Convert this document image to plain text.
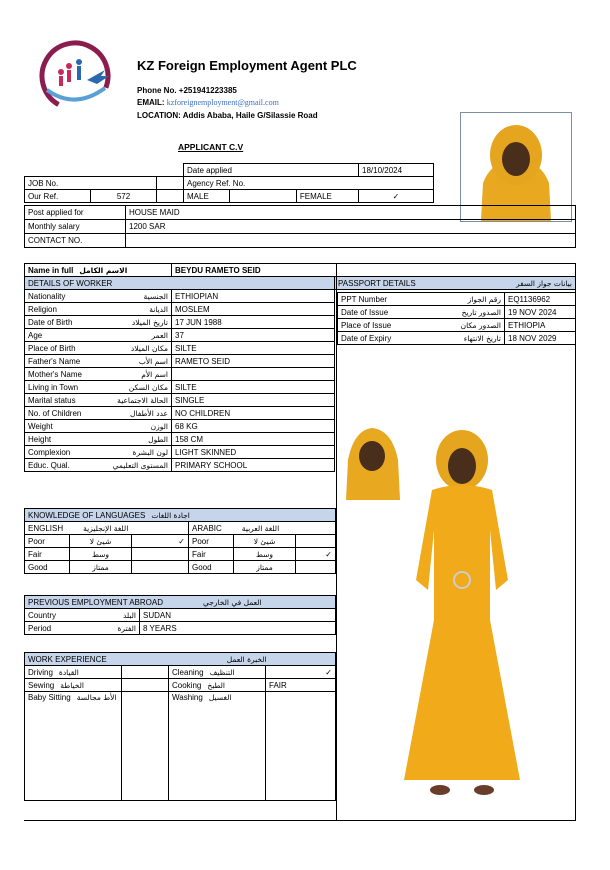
KZ Foreign Employment Agent PLC
Phone No. +251941223385
EMAIL: kzforeignemployment@gmail.com
LOCATION: Addis Ababa, Haile G/Silassie Road
APPLICANT C.V
			Date applied			18/10/2024
JOB No.			Agency Ref. No.			
Our Ref.	572		MALE		FEMALE	✓
Post applied for	HOUSE MAID
Monthly salary	1200 SAR
CONTACT NO.	
Name in full الاسم الكامل	BEYDU RAMETO SEID	
DETAILS OF WORKER		PASSPORT DETAILS بيانات جواز السفر

Nationality الجنسية	ETHIOPIAN	
Religion الديانة	MOSLEM	
Date of Birth تاريخ الميلاد	17 JUN 1988	
Age العمر	37	
Place of Birth مكان الميلاد	SILTE	
Father's Name اسم الأب	RAMETO SEID	
Mother's Name اسم الأم		

Living in Town مكان السكن	SILTE	
Marital status الحالة الاجتماعية	SINGLE	
No. of Children عدد الأطفال	NO CHILDREN	
Weight الوزن	68 KG	
Height الطول	158 CM	
Complexion لون البشرة	LIGHT SKINNED	
Educ. Qual. المستوى التعليمي	PRIMARY SCHOOL	
PPT Number رقم الجواز	EQ1136962
Date of Issue الصدور تاريخ	19 NOV 2024
Place of Issue الصدور مكان	ETHIOPIA
Date of Expiry تاريخ الانتهاء	18 NOV 2029
KNOWLEDGE OF LANGUAGES اجادة اللغات					
ENGLISH اللغة الإنجليزية			ARABIC اللغة العربية		
Poor	شيئ لا	✓	Poor	شيئ لا	
Fair	وسط		Fair	وسط	✓
Good	ممتاز		Good	ممتاز	
PREVIOUS EMPLOYMENT ABROAD العمل في الخارجي	
Country البلد	SUDAN
Period الفترة	8 YEARS
WORK EXPERIENCE الخبرة العمل			
Driving القيادة		Cleaning التنظيف	✓
Sewing الخياطة		Cooking الطبخ	FAIR
Baby Sitting الأط مجالسة		Washing الغسيل	
